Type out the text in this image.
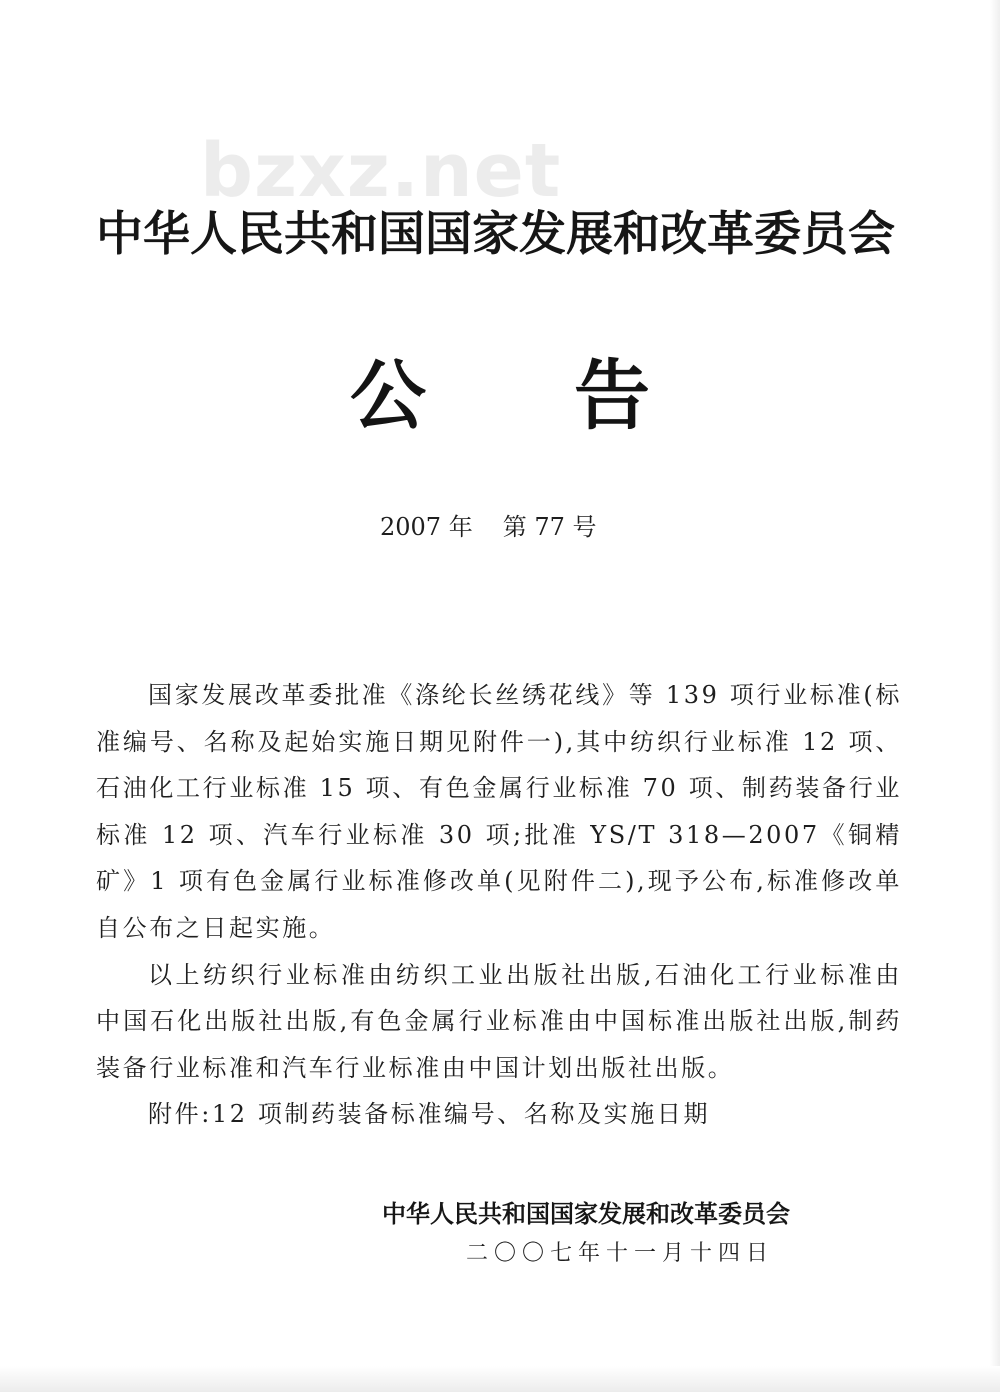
bzxz.net
中华人民共和国国家发展和改革委员会
公 告
2007 年 第 77 号

国家发展改革委批准《涤纶长丝绣花线》等 139 项行业标准(标准编号、名称及起始实施日期见附件一),其中纺织行业标准 12 项、石油化工行业标准 15 项、有色金属行业标准 70 项、制药装备行业标准 12 项、汽车行业标准 30 项;批准 YS/T 318—2007《铜精矿》1 项有色金属行业标准修改单(见附件二),现予公布,标准修改单自公布之日起实施。

以上纺织行业标准由纺织工业出版社出版,石油化工行业标准由中国石化出版社出版,有色金属行业标准由中国标准出版社出版,制药装备行业标准和汽车行业标准由中国计划出版社出版。

附件:12 项制药装备标准编号、名称及实施日期

中华人民共和国国家发展和改革委员会
二〇〇七年十一月十四日
